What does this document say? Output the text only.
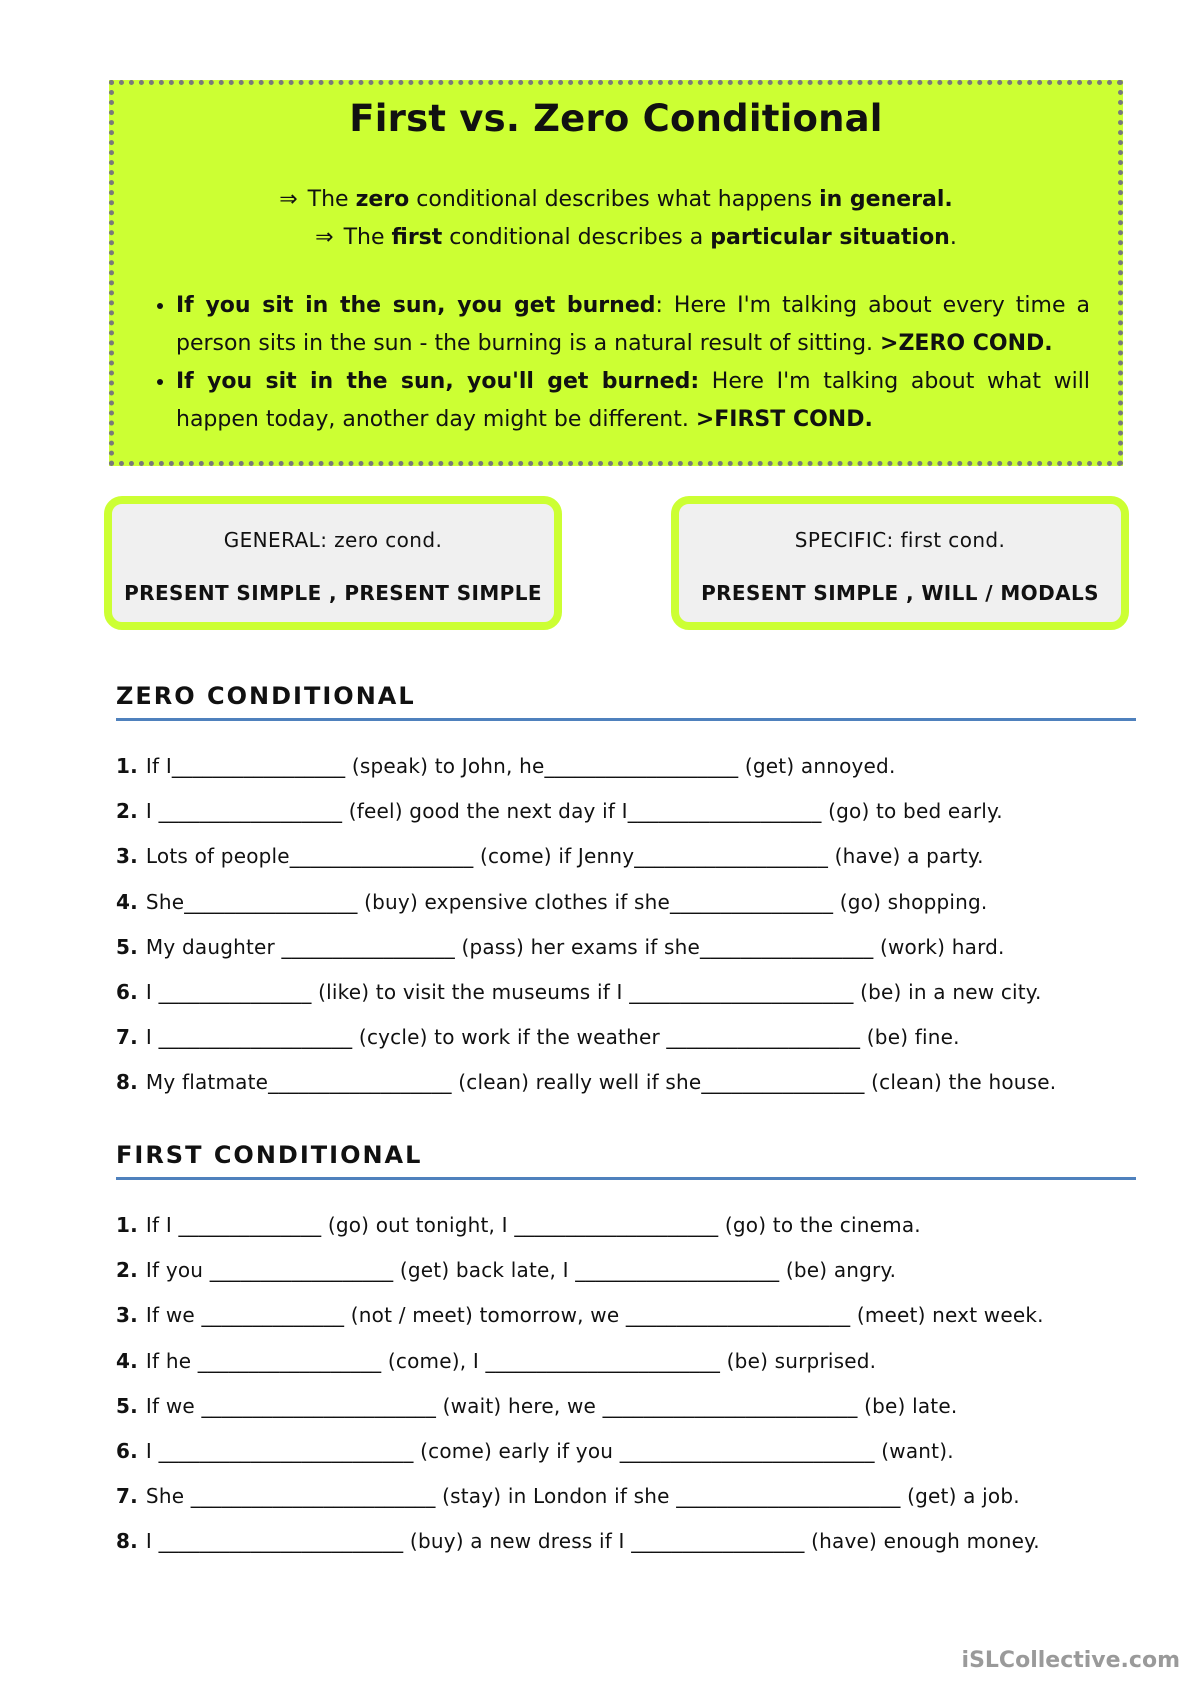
First vs. Zero Conditional
⇒ The zero conditional describes what happens in general.
⇒ The first conditional describes a particular situation.
• If you sit in the sun, you get burned: Here I'm talking about every time a person sits in the sun - the burning is a natural result of sitting. >ZERO COND.
• If you sit in the sun, you'll get burned: Here I'm talking about what will happen today, another day might be different. >FIRST COND.
GENERAL: zero cond.
PRESENT SIMPLE , PRESENT SIMPLE
SPECIFIC: first cond.
PRESENT SIMPLE , WILL / MODALS
ZERO CONDITIONAL
1. If I_________________ (speak) to John, he___________________ (get) annoyed.
2. I __________________ (feel) good the next day if I___________________ (go) to bed early.
3. Lots of people__________________ (come) if Jenny___________________ (have) a party.
4. She_________________ (buy) expensive clothes if she________________ (go) shopping.
5. My daughter _________________ (pass) her exams if she_________________ (work) hard.
6. I _______________ (like) to visit the museums if I ______________________ (be) in a new city.
7. I ___________________ (cycle) to work if the weather ___________________ (be) fine.
8. My flatmate__________________ (clean) really well if she________________ (clean) the house.
FIRST CONDITIONAL
1. If I ______________ (go) out tonight, I ____________________ (go) to the cinema.
2. If you __________________ (get) back late, I ____________________ (be) angry.
3. If we ______________ (not / meet) tomorrow, we ______________________ (meet) next week.
4. If he __________________ (come), I _______________________ (be) surprised.
5. If we _______________________ (wait) here, we _________________________ (be) late.
6. I _________________________ (come) early if you _________________________ (want).
7. She ________________________ (stay) in London if she ______________________ (get) a job.
8. I ________________________ (buy) a new dress if I _________________ (have) enough money.
iSLCollective.com
